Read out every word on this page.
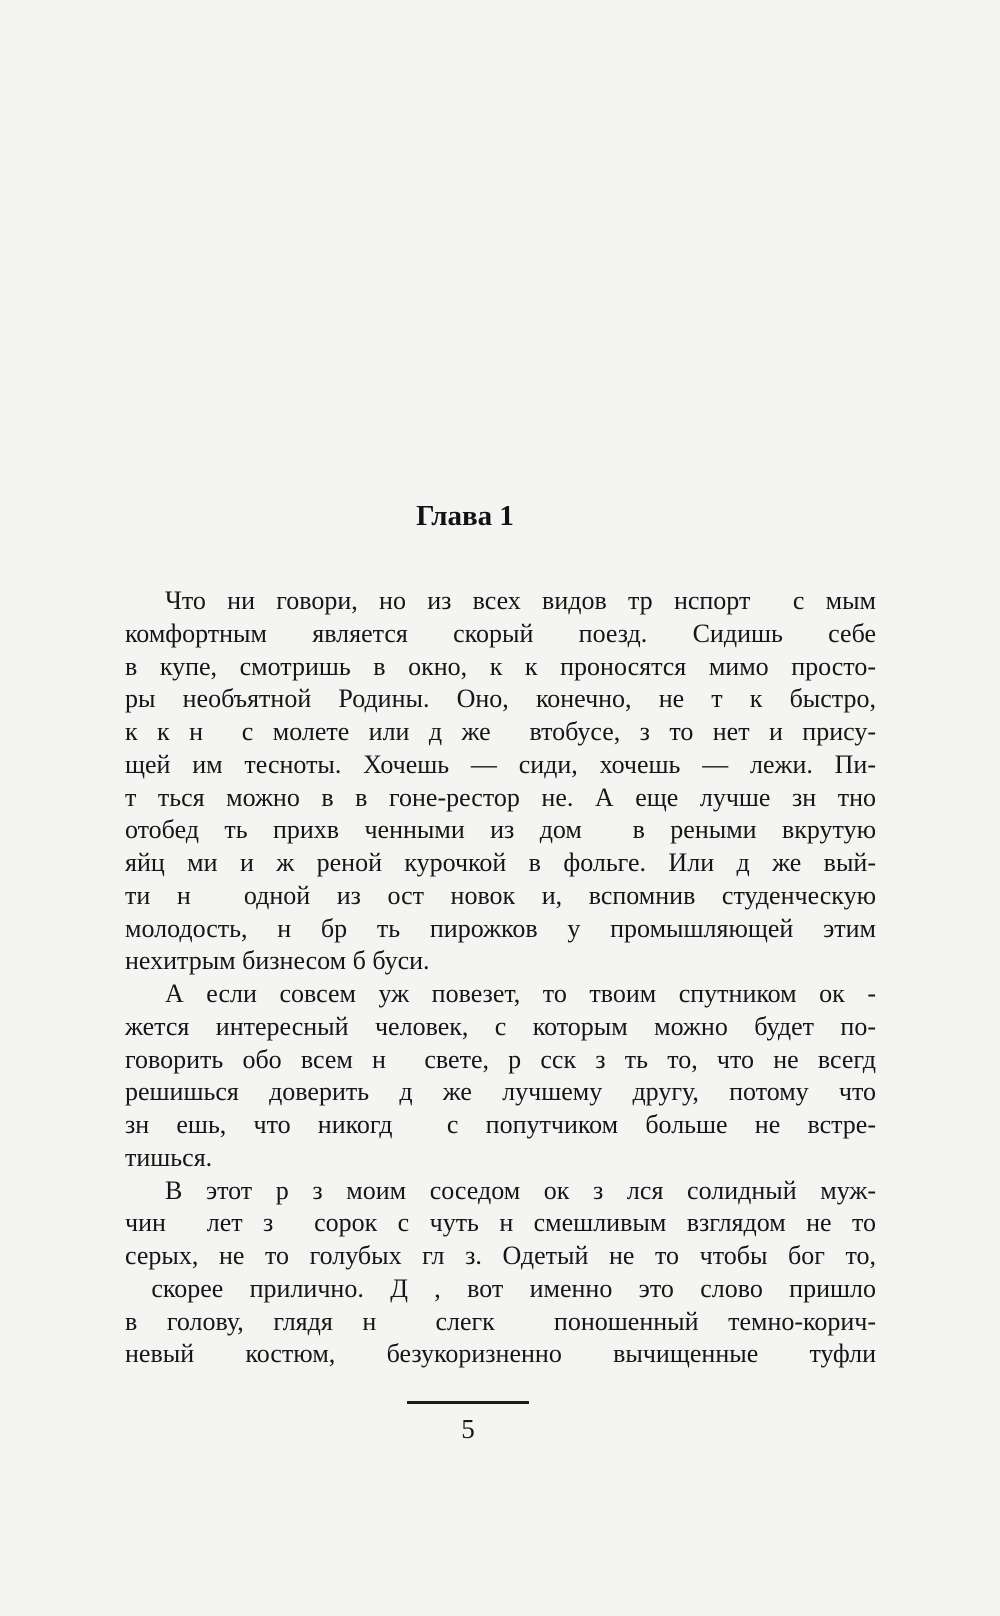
Глава 1
Что ни говори, но из всех видов тр нспорт  с мым
комфортным является скорый поезд. Сидишь себе
в купе, смотришь в окно, к к проносятся мимо просто-
ры необъятной Родины. Оно, конечно, не т к быстро,
к к н  с молете или д же  втобусе, з то нет и прису-
щей им тесноты. Хочешь — сиди, хочешь — лежи. Пи-
т ться можно в в гоне-рестор не. А еще лучше зн тно
отобед ть прихв ченными из дом  в реными вкрутую
яйц ми и ж реной курочкой в фольге. Или д же вый-
ти н  одной из ост новок и, вспомнив студенческую
молодость, н бр ть пирожков у промышляющей этим
нехитрым бизнесом б буси.
А если совсем уж повезет, то твоим спутником ок -
жется интересный человек, с которым можно будет по-
говорить обо всем н  свете, р сск з ть то, что не всегд
решишься доверить д же лучшему другу, потому что
зн ешь, что никогд  с попутчиком больше не встре-
тишься.
В этот р з моим соседом ок з лся солидный муж-
чин  лет з  сорок с чуть н смешливым взглядом не то
серых, не то голубых гл з. Одетый не то чтобы бог то,
скорее прилично. Д , вот именно это слово пришло
в голову, глядя н  слегк  поношенный темно-корич-
невый костюм, безукоризненно вычищенные туфли
5
